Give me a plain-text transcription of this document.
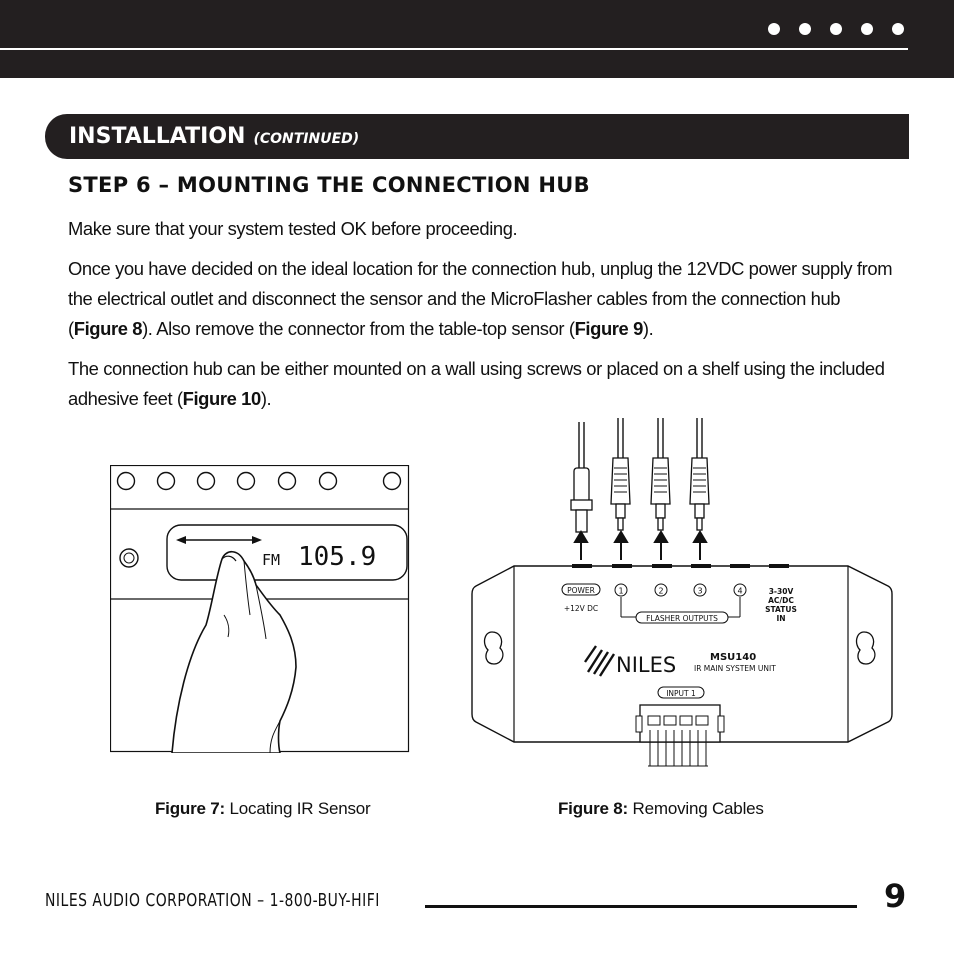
INSTALLATION (CONTINUED)
STEP 6 – MOUNTING THE CONNECTION HUB

Make sure that your system tested OK before proceeding.

Once you have decided on the ideal location for the connection hub, unplug the 12VDC power supply from the electrical outlet and disconnect the sensor and the MicroFlasher cables from the connection hub (Figure 8). Also remove the connector from the table-top sensor (Figure 9).

The connection hub can be either mounted on a wall using screws or placed on a shelf using the included adhesive feet (Figure 10).

FM 105.9
POWER
+12V DC
1	2	3	4
FLASHER OUTPUTS
3-30V
AC/DC
STATUS
IN
NILES	MSU140
IR MAIN SYSTEM UNIT
INPUT 1
Figure 7: Locating IR Sensor	Figure 8: Removing Cables
NILES AUDIO CORPORATION – 1-800-BUY-HIFI	9
